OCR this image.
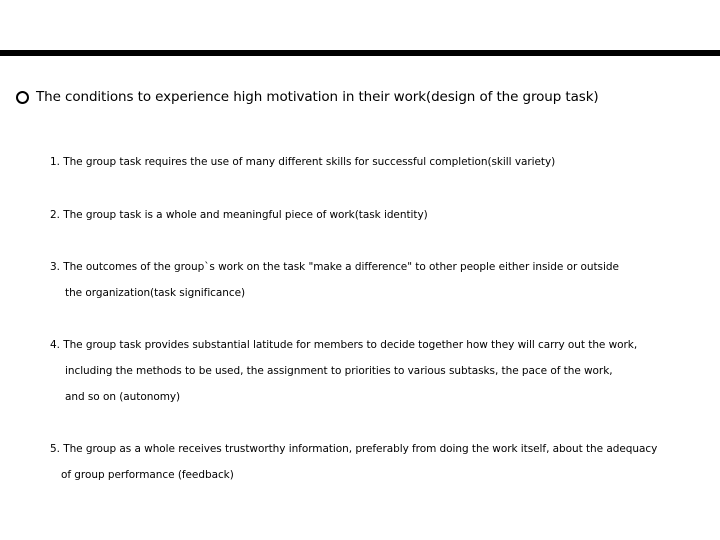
The conditions to experience high motivation in their work(design of the group task)
1. The group task requires the use of many different skills for successful completion(skill variety)
2. The group task is a whole and meaningful piece of work(task identity)
3. The outcomes of the group`s work on the task "make a difference" to other people either inside or outside
the organization(task significance)
4. The group task provides substantial latitude for members to decide together how they will carry out the work,
including the methods to be used, the assignment to priorities to various subtasks, the pace of the work,
and so on (autonomy)
5. The group as a whole receives trustworthy information, preferably from doing the work itself, about the adequacy
of group performance (feedback)
